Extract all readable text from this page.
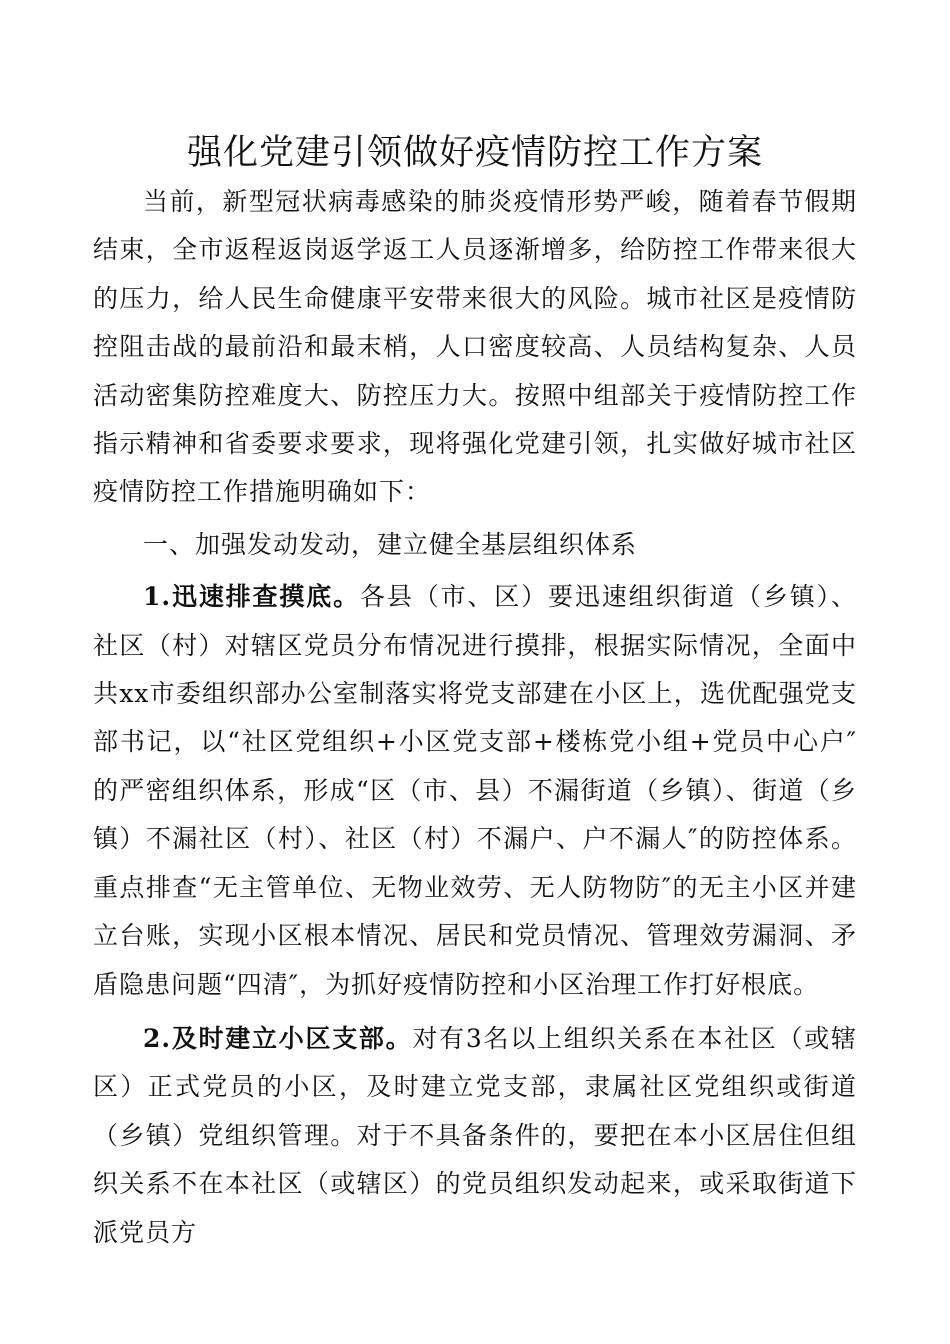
强化党建引领做好疫情防控工作方案

当前，新型冠状病毒感染的肺炎疫情形势严峻，随着春节假期结束，全市返程返岗返学返工人员逐渐增多，给防控工作带来很大的压力，给人民生命健康平安带来很大的风险。城市社区是疫情防控阻击战的最前沿和最末梢，人口密度较高、人员结构复杂、人员活动密集防控难度大、防控压力大。按照中组部关于疫情防控工作指示精神和省委要求要求，现将强化党建引领，扎实做好城市社区疫情防控工作措施明确如下：

一、加强发动发动，建立健全基层组织体系

1.迅速排查摸底。各县（市、区）要迅速组织街道（乡镇）、社区（村）对辖区党员分布情况进行摸排，根据实际情况，全面中共xx市委组织部办公室制落实将党支部建在小区上，选优配强党支部书记，以“社区党组织+小区党支部+楼栋党小组+党员中心户″的严密组织体系，形成“区（市、县）不漏街道（乡镇）、街道（乡镇）不漏社区（村）、社区（村）不漏户、户不漏人″的防控体系。重点排查“无主管单位、无物业效劳、无人防物防″的无主小区并建立台账，实现小区根本情况、居民和党员情况、管理效劳漏洞、矛盾隐患问题“四清″，为抓好疫情防控和小区治理工作打好根底。

2.及时建立小区支部。对有3名以上组织关系在本社区（或辖区）正式党员的小区，及时建立党支部，隶属社区党组织或街道（乡镇）党组织管理。对于不具备条件的，要把在本小区居住但组织关系不在本社区（或辖区）的党员组织发动起来，或采取街道下派党员方
